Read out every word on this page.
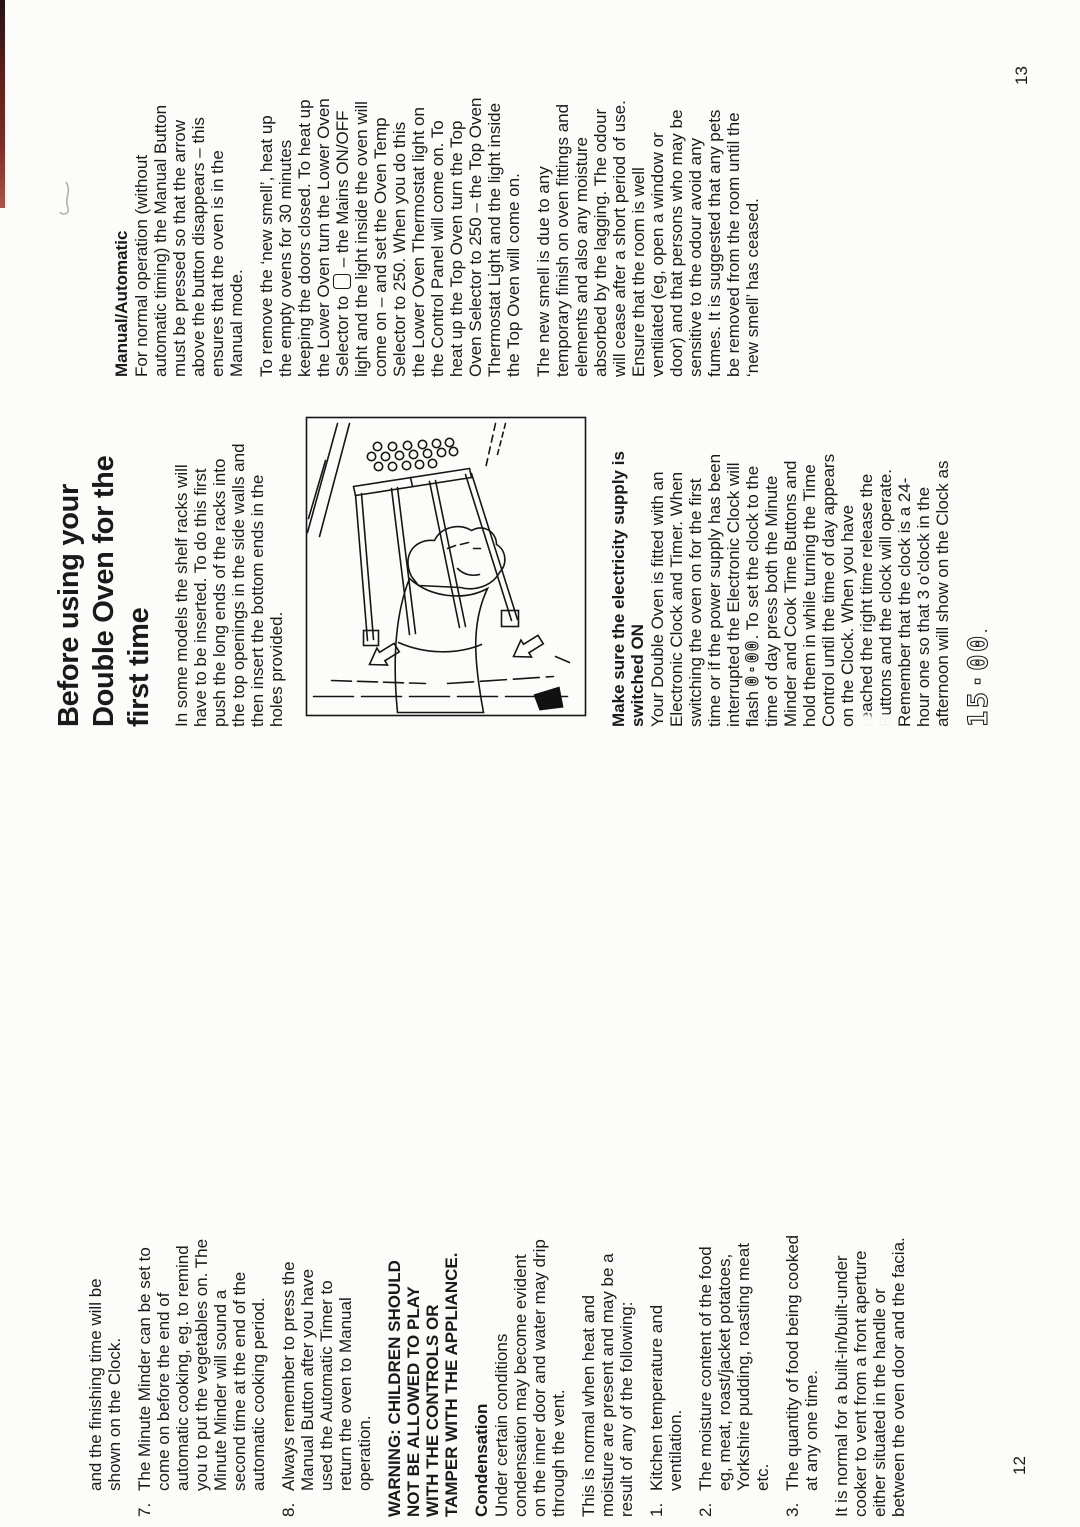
and the finishing time will be shown on the Clock.
7.
The Minute Minder can be set to come on before the end of automatic cooking, eg. to remind you to put the vegetables on. The Minute Minder will sound a second time at the end of the automatic cooking period.
8.
Always remember to press the Manual Button after you have used the Automatic Timer to return the oven to Manual operation. WARNING: CHILDREN SHOULD NOT BE ALLOWED TO PLAY WITH THE CONTROLS OR TAMPER WITH THE APPLIANCE. Condensation Under certain conditions condensation may become evident on the inner door and water may drip through the vent. This is normal when heat and moisture are present and may be a result of any of the following: 1.
Kitchen temperature and ventilation.
2.
The moisture content of the food eg, meat, roast/jacket potatoes, Yorkshire pudding, roasting meat etc.
3.
The quantity of food being cooked at any one time. It is normal for a built-in/built-under cooker to vent from a front aperture either situated in the handle or between the oven door and the facia.
Before using your Double Oven for the first time In some models the shelf racks will have to be inserted. To do this first push the long ends of the racks into the top openings in the side walls and then insert the bottom ends in the holes provided.	Make sure the electricity supply is switched ON Your Double Oven is fitted with an Electronic Clock and Timer. When switching the oven on for the first time or if the power supply has been interrupted the Electronic Clock will flash 0·00. To set the clock to the time of day press both the Minute Minder and Cook Time Buttons and hold them in while turning the Time Control until the time of day appears on the Clock. When you have reached the right time release the Buttons and the clock will operate. Remember that the clock is a 24- hour one so that 3 o’clock in the afternoon will show on the Clock as 15·00.
Manual/Automatic For normal operation (without automatic timing) the Manual Button must be pressed so that the arrow above the button disappears – this ensures that the oven is in the Manual mode. To remove the ‘new smell’, heat up the empty ovens for 30 minutes keeping the doors closed. To heat up the Lower Oven turn the Lower Oven Selector to  – the Mains ON/OFF light and the light inside the oven will come on – and set the Oven Temp Selector to 250. When you do this the Lower Oven Thermostat light on the Control Panel will come on. To heat up the Top Oven turn the Top Oven Selector to 250 – the Top Oven Thermostat Light and the light inside the Top Oven will come on. The new smell is due to any temporary finish on oven fittings and elements and also any moisture absorbed by the lagging. The odour will cease after a short period of use. Ensure that the room is well ventilated (eg, open a window or door) and that persons who may be sensitive to the odour avoid any fumes. It is suggested that any pets be removed from the room until the ‘new smell’ has ceased.
12
13
